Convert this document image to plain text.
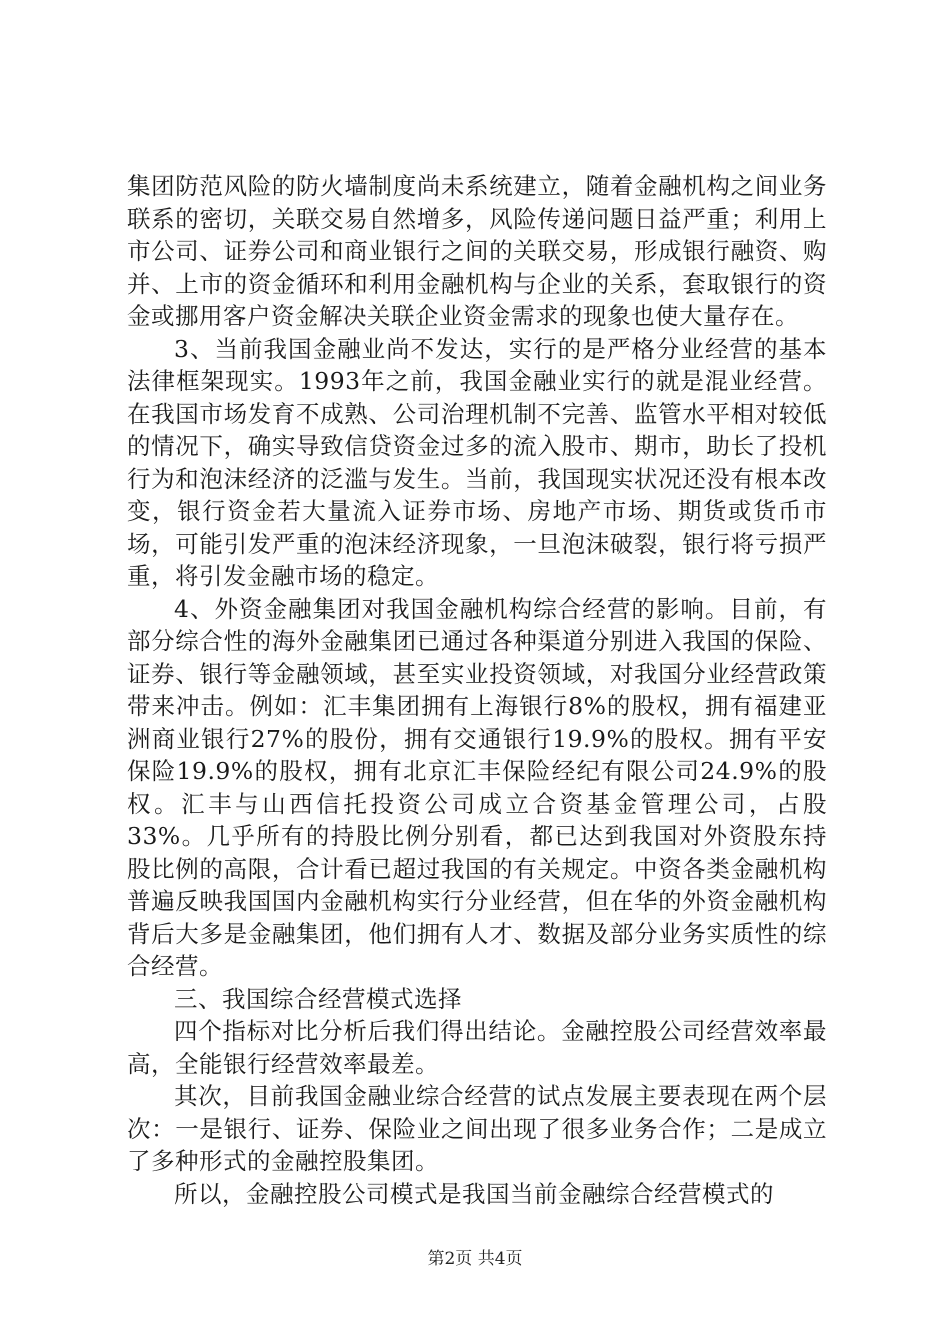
集团防范风险的防火墙制度尚未系统建立，随着金融机构之间业务联系的密切，关联交易自然增多，风险传递问题日益严重；利用上市公司、证券公司和商业银行之间的关联交易，形成银行融资、购并、上市的资金循环和利用金融机构与企业的关系，套取银行的资金或挪用客户资金解决关联企业资金需求的现象也使大量存在。

3、当前我国金融业尚不发达，实行的是严格分业经营的基本法律框架现实。1993年之前，我国金融业实行的就是混业经营。在我国市场发育不成熟、公司治理机制不完善、监管水平相对较低的情况下，确实导致信贷资金过多的流入股市、期市，助长了投机行为和泡沫经济的泛滥与发生。当前，我国现实状况还没有根本改变，银行资金若大量流入证券市场、房地产市场、期货或货币市场，可能引发严重的泡沫经济现象，一旦泡沫破裂，银行将亏损严重，将引发金融市场的稳定。

4、外资金融集团对我国金融机构综合经营的影响。目前，有部分综合性的海外金融集团已通过各种渠道分别进入我国的保险、证券、银行等金融领域，甚至实业投资领域，对我国分业经营政策带来冲击。例如：汇丰集团拥有上海银行8%的股权，拥有福建亚洲商业银行27%的股份，拥有交通银行19.9%的股权。拥有平安保险19.9%的股权，拥有北京汇丰保险经纪有限公司24.9%的股权。汇丰与山西信托投资公司成立合资基金管理公司，占股33%。几乎所有的持股比例分别看，都已达到我国对外资股东持股比例的高限，合计看已超过我国的有关规定。中资各类金融机构普遍反映我国国内金融机构实行分业经营，但在华的外资金融机构背后大多是金融集团，他们拥有人才、数据及部分业务实质性的综合经营。

三、我国综合经营模式选择

四个指标对比分析后我们得出结论。金融控股公司经营效率最高，全能银行经营效率最差。

其次，目前我国金融业综合经营的试点发展主要表现在两个层次：一是银行、证券、保险业之间出现了很多业务合作；二是成立了多种形式的金融控股集团。

所以，金融控股公司模式是我国当前金融综合经营模式的

第2页 共4页
